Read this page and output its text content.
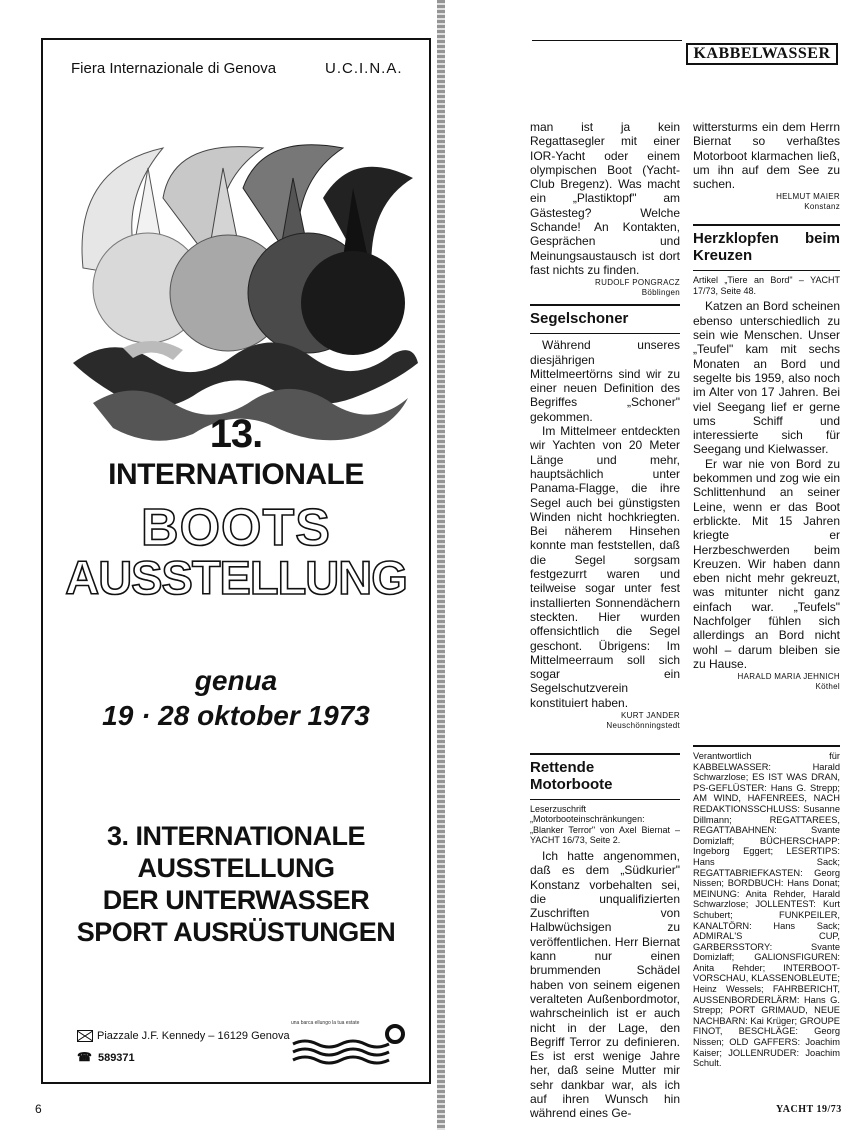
Fiera Internazionale di Genova	U.C.I.N.A.
13.
INTERNATIONALE
BOOTS
AUSSTELLUNG
genua
19 · 28 oktober 1973
3. INTERNATIONALE
AUSSTELLUNG
DER UNTERWASSER
SPORT AUSRÜSTUNGEN
Piazzale J.F. Kennedy – 16129 Genova
☎ 589371
una barca ellungo la tua estate
6
KABBELWASSER

man ist ja kein Regattasegler mit einer IOR-Yacht oder einem olympischen Boot (Yacht-Club Bregenz). Was macht ein „Plastiktopf" am Gästesteg? Welche Schande! An Kontakten, Gesprächen und Meinungsaustausch ist dort fast nichts zu finden.

RUDOLF PONGRACZ
Böblingen
Segelschoner

Während unseres diesjährigen Mittelmeertörns sind wir zu einer neuen Definition des Begriffes „Schoner" gekommen.

Im Mittelmeer entdeckten wir Yachten von 20 Meter Länge und mehr, hauptsächlich unter Panama-Flagge, die ihre Segel auch bei günstigsten Winden nicht hochkriegten. Bei näherem Hinsehen konnte man feststellen, daß die Segel sorgsam festgezurrt waren und teilweise sogar unter fest installierten Sonnendächern steckten. Hier wurden offensichtlich die Segel geschont. Übrigens: Im Mittelmeerraum soll sich sogar ein Segelschutzverein konstituiert haben.

KURT JANDER
Neuschönningstedt
Rettende Motorboote
Leserzuschrift „Motorbooteinschränkungen: „Blanker Terror" von Axel Biernat – YACHT 16/73, Seite 2.

Ich hatte angenommen, daß es dem „Südkurier" Konstanz vorbehalten sei, die unqualifizierten Zuschriften von Halbwüchsigen zu veröffentlichen. Herr Biernat kann nur einen brummenden Schädel haben von seinem eigenen veralteten Außenbordmotor, wahrscheinlich ist er auch nicht in der Lage, den Begriff Terror zu definieren. Es ist erst wenige Jahre her, daß seine Mutter mir sehr dankbar war, als ich auf ihren Wunsch hin während eines Ge-

wittersturms ein dem Herrn Biernat so verhaßtes Motorboot klarmachen ließ, um ihn auf dem See zu suchen.

HELMUT MAIER
Konstanz
Herzklopfen beim Kreuzen
Artikel „Tiere an Bord" – YACHT 17/73, Seite 48.

Katzen an Bord scheinen ebenso unterschiedlich zu sein wie Menschen. Unser „Teufel" kam mit sechs Monaten an Bord und segelte bis 1959, also noch im Alter von 17 Jahren. Bei viel Seegang lief er gerne ums Schiff und interessierte sich für Seegang und Kielwasser.

Er war nie von Bord zu bekommen und zog wie ein Schlittenhund an seiner Leine, wenn er das Boot erblickte. Mit 15 Jahren kriegte er Herzbeschwerden beim Kreuzen. Wir haben dann eben nicht mehr gekreuzt, was mitunter nicht ganz einfach war. „Teufels" Nachfolger fühlen sich allerdings an Bord nicht wohl – darum bleiben sie zu Hause.

HARALD MARIA JEHNICH
Köthel
Verantwortlich für KABBELWASSER: Harald Schwarzlose; ES IST WAS DRAN, PS-GEFLÜSTER: Hans G. Strepp; AM WIND, HAFENREES, NACH REDAKTIONSSCHLUSS: Susanne Dillmann; REGATTAREES, REGATTABAHNEN: Svante Domizlaff; BÜCHERSCHAPP: Ingeborg Eggert; LESERTIPS: Hans Sack; REGATTABRIEFKASTEN: Georg Nissen; BORDBUCH: Hans Donat; MEINUNG: Anita Rehder, Harald Schwarzlose; JOLLENTEST: Kurt Schubert; FUNKPEILER, KANALTÖRN: Hans Sack; ADMIRAL'S CUP, GARBERSSTORY: Svante Domizlaff; GALIONSFIGUREN: Anita Rehder; INTERBOOT-VORSCHAU, KLASSENOBLEUTE; Heinz Wessels; FAHRBERICHT, AUSSENBORDERLÄRM: Hans G. Strepp; PORT GRIMAUD, NEUE NACHBARN: Kai Krüger; GROUPE FINOT, BESCHLÄGE: Georg Nissen; OLD GAFFERS: Joachim Kaiser; JOLLENRUDER: Joachim Schult.
YACHT 19/73
